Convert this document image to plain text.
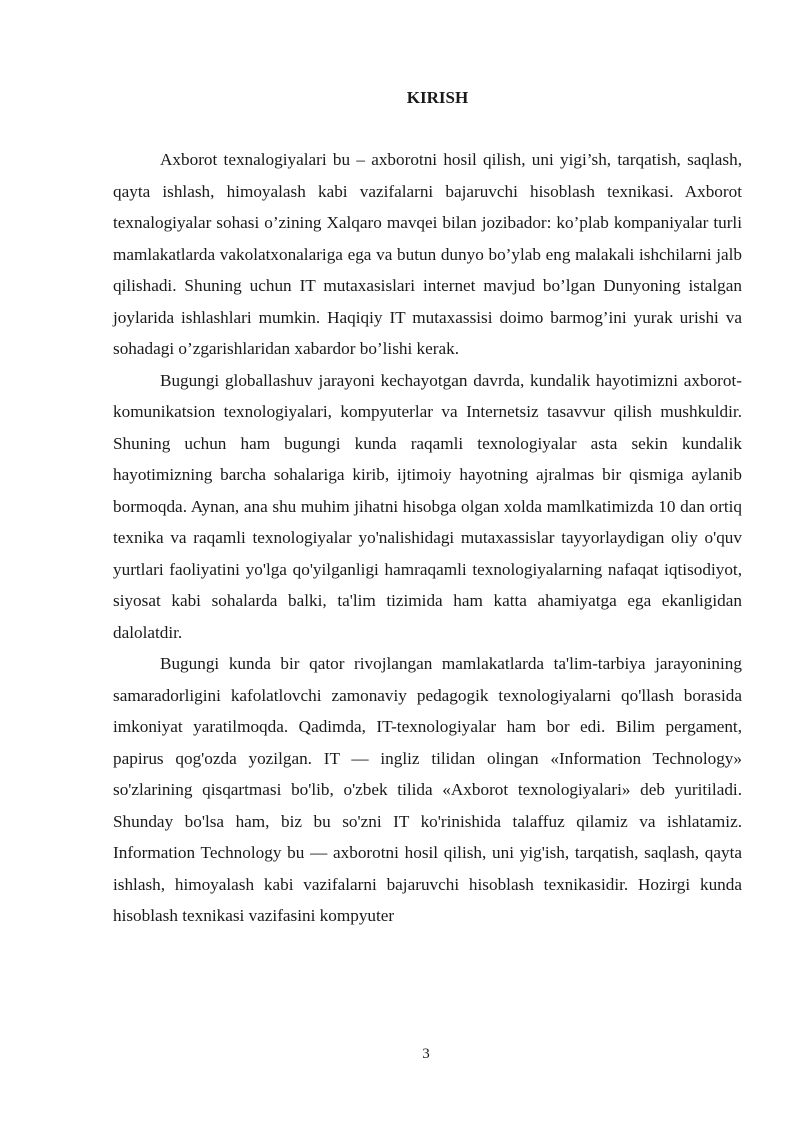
KIRISH

Axborot texnalogiyalari bu – axborotni hosil qilish, uni yigi’sh, tarqatish, saqlash, qayta ishlash, himoyalash kabi vazifalarni bajaruvchi hisoblash texnikasi. Axborot texnalogiyalar sohasi o’zining Xalqaro mavqei bilan jozibador: ko’plab kompaniyalar turli mamlakatlarda vakolatxonalariga ega va butun dunyo bo’ylab eng malakali ishchilarni jalb qilishadi. Shuning uchun IT mutaxasislari internet mavjud bo’lgan Dunyoning istalgan joylarida ishlashlari mumkin. Haqiqiy IT mutaxassisi doimo barmog’ini yurak urishi va sohadagi o’zgarishlaridan xabardor bo’lishi kerak.

Bugungi globallashuv jarayoni kechayotgan davrda, kundalik hayotimizni axborot-komunikatsion texnologiyalari, kompyuterlar va Internetsiz tasavvur qilish mushkuldir. Shuning uchun ham bugungi kunda raqamli texnologiyalar asta sekin kundalik hayotimizning barcha sohalariga kirib, ijtimoiy hayotning ajralmas bir qismiga aylanib bormoqda. Aynan, ana shu muhim jihatni hisobga olgan xolda mamlkatimizda 10 dan ortiq texnika va raqamli texnologiyalar yo'nalishidagi mutaxassislar tayyorlaydigan oliy o'quv yurtlari faoliyatini yo'lga qo'yilganligi hamraqamli texnologiyalarning nafaqat iqtisodiyot, siyosat kabi sohalarda balki, ta'lim tizimida ham katta ahamiyatga ega ekanligidan dalolatdir.

Bugungi kunda bir qator rivojlangan mamlakatlarda ta'lim-tarbiya jarayonining samaradorligini kafolatlovchi zamonaviy pedagogik texnologiyalarni qo'llash borasida imkoniyat yaratilmoqda. Qadimda, IT-texnologiyalar ham bor edi. Bilim pergament, papirus qog'ozda yozilgan. IT — ingliz tilidan olingan «Information Technology» so'zlarining qisqartmasi bo'lib, o'zbek tilida «Axborot texnologiyalari» deb yuritiladi. Shunday bo'lsa ham, biz bu so'zni IT ko'rinishida talaffuz qilamiz va ishlatamiz. Information Technology bu — axborotni hosil qilish, uni yig'ish, tarqatish, saqlash, qayta ishlash, himoyalash kabi vazifalarni bajaruvchi hisoblash texnikasidir. Hozirgi kunda hisoblash texnikasi vazifasini kompyuter

3
